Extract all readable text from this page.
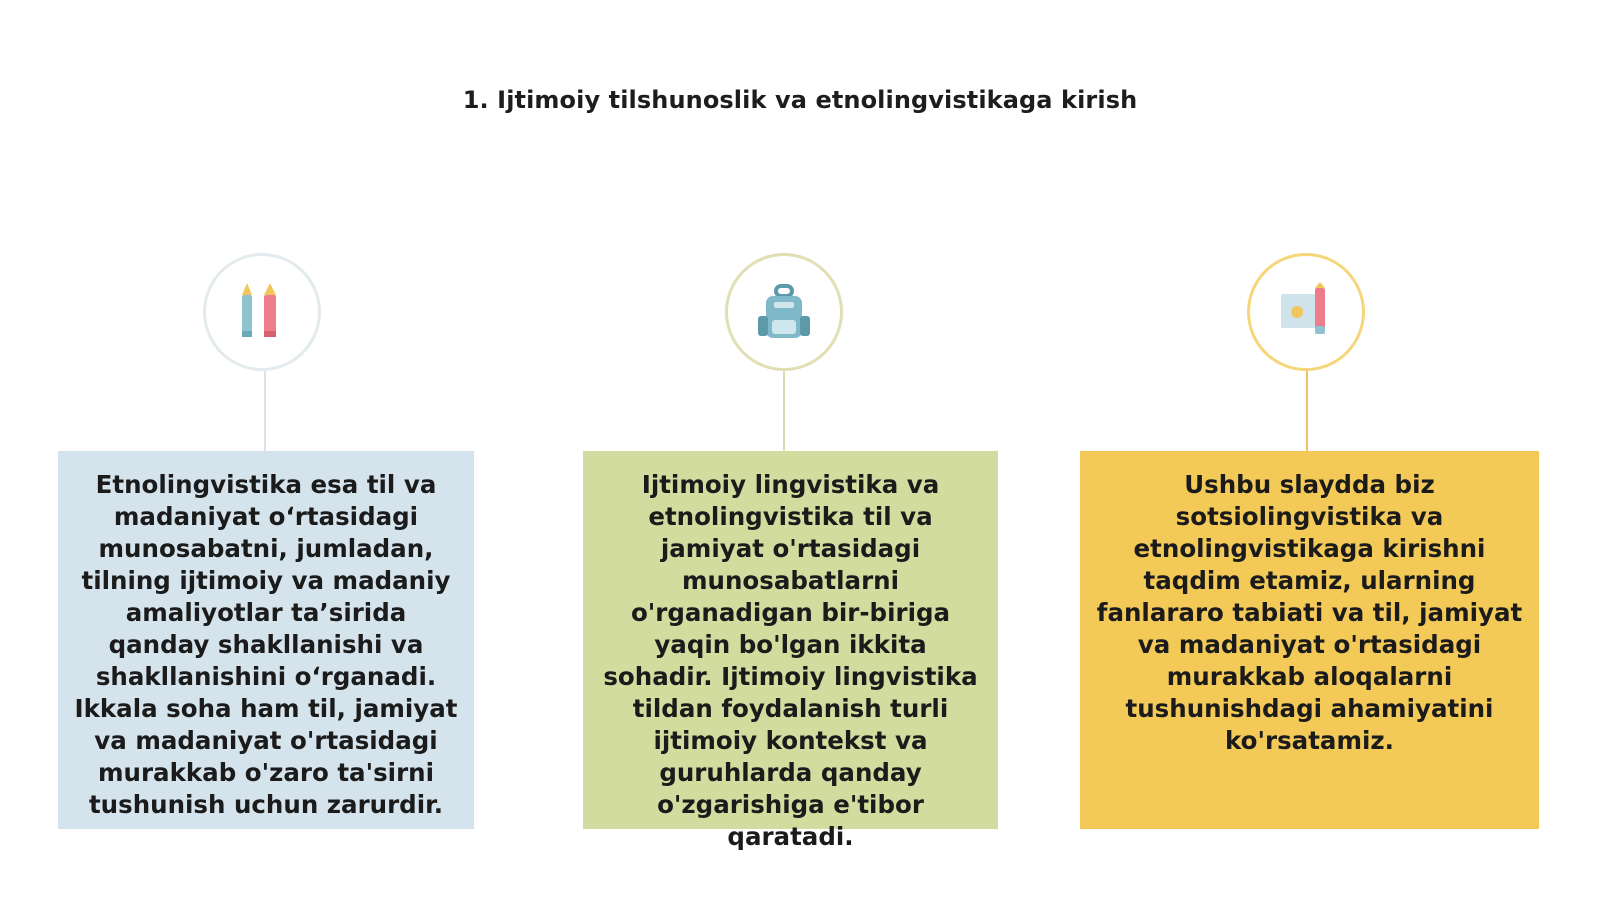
1. Ijtimoiy tilshunoslik va etnolingvistikaga kirish
Etnolingvistika esa til va madaniyat oʻrtasidagi munosabatni, jumladan, tilning ijtimoiy va madaniy amaliyotlar ta’sirida qanday shakllanishi va shakllanishini oʻrganadi. Ikkala soha ham til, jamiyat va madaniyat o'rtasidagi murakkab o'zaro ta'sirni tushunish uchun zarurdir.
Ijtimoiy lingvistika va etnolingvistika til va jamiyat o'rtasidagi munosabatlarni o'rganadigan bir-biriga yaqin bo'lgan ikkita sohadir. Ijtimoiy lingvistika tildan foydalanish turli ijtimoiy kontekst va guruhlarda qanday o'zgarishiga e'tibor qaratadi.
Ushbu slaydda biz sotsiolingvistika va etnolingvistikaga kirishni taqdim etamiz, ularning fanlararo tabiati va til, jamiyat va madaniyat o'rtasidagi murakkab aloqalarni tushunishdagi ahamiyatini ko'rsatamiz.
